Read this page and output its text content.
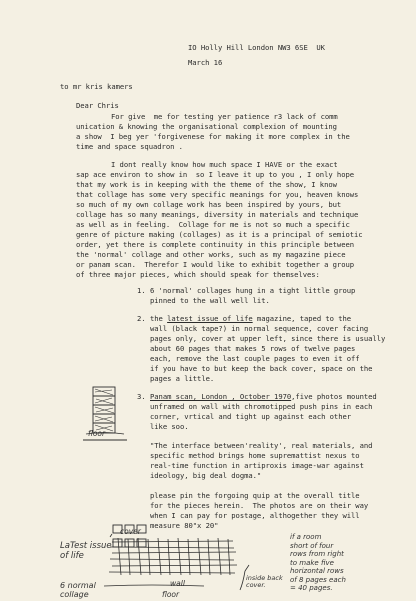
IO Holly Hill London NW3 6SE  UK
March 16
to mr kris kamers
Dear Chris
For give  me for testing yer patience r3 lack of comm
unication & knowing the organisational complexion of mounting
a show  I beg yer 'forgivenese for making it more complex in the
time and space squadron .
I dont really know how much space I HAVE or the exact
sap ace environ to show in  so I leave it up to you , I only hope
that my work is in keeping with the theme of the show, I know
that collage has some very specific meanings for you, heaven knows
so much of my own collage work has been inspired by yours, but
collage has so many meanings, diversity in materials and technique
as well as in feeling.  Collage for me is not so much a specific
genre of picture making (collages) as it is a principal of semiotic
order, yet there is complete continuity in this principle between
the 'normal' collage and other works, such as my magazine piece
or panam scan.  Therefor I would like to exhibit together a group
of three major pieces, which should speak for themselves:
1. 6 'normal' collages hung in a tight little group
pinned to the wall well lit.
2. the latest issue of life magazine, taped to the
wall (black tape?) in normal sequence, cover facing
pages only, cover at upper left, since there is usually
about 60 pages that makes 5 rows of twelve pages
each, remove the last couple pages to even it off
if you have to but keep the back cover, space on the
pages a little.
3. Panam scan, London , October 1970,five photos mounted
unframed on wall with chromotipped push pins in each
corner, vrtical and tight up against each other
like soo.
"The interface between'reality', real materials, and
specific method brings home supremattist nexus to
real-time function in artiproxis image-war against
ideology, big deal dogma."
please pin the forgoing quip at the overall title
for the pieces herein.  The photos are on their way
when I can pay for postage, althogether they will
measure 80"x 20"
floor
cover
LaTest issue
of life
wall
floor
inside back
cover.
if a room
short of four
rows from right
to make five
horizontal rows
of 8 pages each
= 40 pages.
6 normal
collage
